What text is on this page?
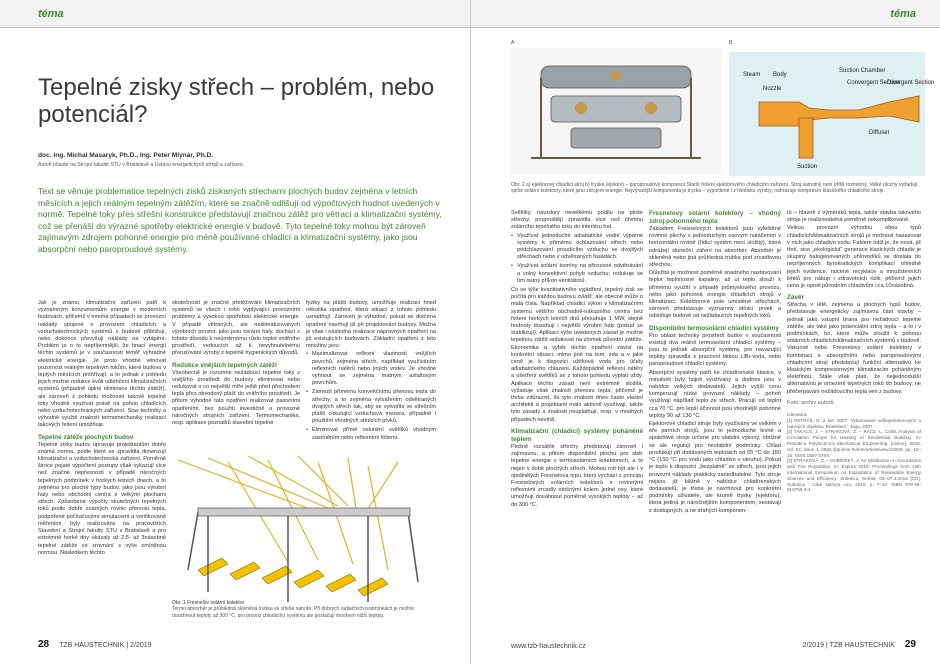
téma
Tepelné zisky střech – problém, nebo potenciál?
doc. Ing. Michal Masaryk, Ph.D., Ing. Peter Mlynár, Ph.D.
Autoři působí na Strojní fakultě STU v Bratislavě a Ústavu energetických strojů a zařízení.
Text se věnuje problematice tepelných zisků získaných střechami plochých budov zejména v letních měsících a jejich reálným tepelným zátěžím, které se značně odlišují od výpočtových hodnot uvedených v normě. Tepelné toky přes střešní konstrukce představují značnou zátěž pro větrací a klimatizační systémy, což se přenáší do výrazné spotřeby elektrické energie v budově. Tyto tepelné toky mohou být zároveň zajímavým zdrojem pohonné energie pro méně používané chladicí a klimatizační systémy, jako jsou absorpční nebo paroproudové systémy.

Jak je známo, klimatizační zařízení patří k významným konzumentům energie v moderních budovách, přičemž v mnoha případech se provozní náklady spojené s provozem chladicích a vzduchotechnických systémů v budově přibližují, nebo dokonce převyšují náklady na vytápění. Problém je o to nepříjemnější, že hnací energií těchto systémů je v současnosti téměř výhradně elektrická energie. Je proto vhodné věnovat pozornost reálným tepelným tokům, které budovu v teplých měsících prohřívají, a to jednak z pohledu jejich možné redukce kvůli odlehčení klimatizačních systémů (případně úplné eliminace těchto zátěží), ale zároveň z pohledu možností takové tepelné toky vhodně využívat právě na pohon chladicích nebo vzduchotechnických zařízení. Stav techniky a výhodné využití znalostí termomechaniky realizací takových řešení umožňuje.

Tepelné zátěže plochých budov

Tepelné zisky budov upravuje projektantům dobře známá norma, podle které se zpravidla dimenzují klimatizační a vzduchotechnická zařízení. Poměrně široce pojaté výpočtení postupy však vykazují více než značné nepřesnosti v případě náročných tepelných podmínek v horkých letních dnech, a to zejména pro ploché typy budov, jako jsou výrobní haly nebo obchodní centra s velkými plochami střech. Způsobené výpočty skutečných tepelných toků podle dobře známých rovnic přenosu tepla, podpořené počítačovými simulacemi a verifikované měřeními, byly realizovány na pracovištích Stavební a Strojní fakulty STU v Bratislavě a pro extrémně horké dny ukázaly až 2,5- až 3násobně tepelné zátěže ve srovnání s výše zmíněnou normou. Následkem těchto

skutečností je značné přetěžování klimatizačních systémů ve všech i toho vyplývající provozními problémy a vysokou spotřebou elektrické energie. V případě větraných, ale neklimatizovaných výrobních prostor, jako jsou tovární haly, dochází z tohoto důvodu k neúměrnému růstu teplot vnitřního prostředí, vedoucích až k nevyhnutelnému přerušování výroby z tepelně hygienických důvodů.

Redukce vnějších tepelných zátěží

Všeobecně je rozumné nežádoucí tepelné toky z vnějšího prostředí do budovy eliminovat nebo redukovat v co největší míře ještě před přechodem tepla přes obvodový plášť do vnitřního prostředí. Je přitom výhodné tato opatření realizovat pasivními opatřeními, bez použití investičně a provozně náročných strojních zařízení. Termomechanika, resp. aplikace poznatků stavební tepelné

fyziky na plášti budovy, umožňuje realizaci hned několika opatření, která situaci z tohoto pohledu usnadňují. Zároveň je výhodné, pokud se dotčená opatření navrhují již při projektování budovy. Možná je však i následná realizace nápravných opatření na již existujících budovách. Základní opatření z této množiny jsou:

• Maximalizovat reflexní vlastnosti vnějších povrchů, zejména střech, například využíváním reflexních nátěrů nebo jiných vrstev. Je vhodné vyhnout se zejména matným asfaltovým povrchům.
• Zamezit přímému konvekčnímu přenosu tepla do střechy, a to zejména vytvářením odvětraných dvojitých střech tak, aby se vytvořila ve střešním plášti cirkulující vzduchová mezera, případně i použitím vhodných stínicích prvků.
• Eliminovat přímé oslunění světlíků vhodným zastíněním nebo reflexními fóliemi.
Obr. 1 Fresnelův solární kolektor
Termo absorbér je průhledná skleněná trubka ve střeše nahoře. Při dobrých radiačních podmínkách je možné dosáhnout teploty až 300 °C, pro provoz chladicího systému ale postačují mnohem nižší teploty.
28 TZB HAUSTECHNIK | 2/2019
téma
A	B
Steam Body
Nozzle
Suction Chamber
Convergent Section
Divergent Section
Diffuser
Suction
Obr. 2 a) ejektorový chladicí stroj b) tryska (ejektor) – paroproudový kompresor Starší řešení ejektorového chladicího zařízení. Stroj samotný není příliš rozměrný. Velké plochy vyžadují spíše solární kolektory, které jsou zdrojem energie. Nejvýrazější komponenta je tryska – vypočtené i z hlediska výroby; nahrazuje kompresor klasického chladicího stroje.

Světlíky, navzdory nevelkému podílu na ploše střechy, propouštějí zpravidla více než čtvrtinu solárního tepelného toku do interiéru hal.

• Využívat jednoduché adiabatické vodní výparné systémy k přímému ochlazování střech nebo podchlazování proudícího vzduchu ve dvojitých střechách nebo v odvětraných fasádách.
• Využívat solární komíny na přirozené odvětrávání a volný konvektivní pohyb vzduchu; redukuje se tím nutný příkon ventilátorů.

Co se týče kvantitativního vyjádření, tepelný zisk se počítá pro každou budovu zvlášť, ale obecně může o malá čísla. Například chladicí výkon v klimatizačním systému většího obchodně-nákupního centra bez řešení horkých letních dnů přesahuje 1 MW, stejně hodnoty dosahují i největší výrobní haly (pokud se stabilizují). Aplikací výše uvedených zásad je možné tepelnou zátěž redukovat na zlomek původní zátěže. Ekonomika a výběr těchto opatření závisí na konkrétní situaci, mimo jiné na tom, zda a v jaké ceně je k dispozici užitková voda pro účely adiabatického chlazení. Každopádně reflexní nátěry a ošetření světlíků se z tohoto pohledu vyplatí vždy. Aplikace těchto zásad není extrémně složitá, vyžaduje však znalosti přenosu tepla, přičemž je třeba zdůraznit, že tyto znalosti dnes často vlastní architekti a projektanti málo aktivně využívají, takže tyto zásady a znalosti neuplatňují, resp. v mnohých případech nevědí.

Klimatizační (chladicí) systémy poháněné teplem

Plošně rozsáhlé střechy představují zároveň i zajímavou, a přitom disponibilní plochu pro sběr tepelné energie v termosolárních kolektorech, a to nejen v době plochých střech. Mohou mít být ale i v ojedinělých Fresnelova typu, který vychází z principu Fresnelových solárních kolektorů s rovinnými reflexními zrcadly otočnými kolem jedné osy, které umožňují dosáhnout poměrně vysokých teploty – až do 300 °C.

Fresnelovy solární kolektory – vhodný zdroj pohonného tepla

Základem Fresnelových kolektorů jsou vyleštěné rovinné plechy s jednoduchým osovým natáčením v horizontální rovině (řídicí systém není složitý), které odrážejí sluneční záření na absorbér. Absorbér je skleněná nebo jiná průhledná trubka pod zrcadlovou střechou.

Důležitá je možnost poměrně snadného nastavování teplot teplonosné kapaliny, až ul teplo slouží k přímému využití v případě průmyslového provozu, nebo jako pohonná energie chladicích strojů v klimatizaci. Kolektorové pole umístěné střechách, zároveň představuje významný stínicí prvek a odstiňuje budově od nežádoucích tepelných toků.

Disponibilní termosolární chladicí systémy

Pro oblast techniky prostředí budov v současnosti existují dva reálně termosolární chladicí systémy – jsou to jednak absorpční systémy, pro navazující teploty zpravidla s pracovní látkou LiBr-voda, nebo paroproudové chladicí systémy.

Absorpční systémy patří ke chladírenské klasice, v minulosti byly hojně využívány a dodnes jsou v nabídce velkých dodavatelů. Jejich vyšší cenu kompenzují nízké provozní náklady – pohoň využívají nápřílad teplo ze střech. Pracují od teplot cca 70 °C, pro lepší účinnost jsou vhodnější pohonné teploty 90 až 130 °C.

Ejektorové chladicí stroje byly využívány ve velkém v éře parních strojů, jsou to jednoduché levné a spolehlivé stroje určené pro stabilní výkony, obtížně se ale regulují pro nestabilní podmínky. Chlad produkují při dodávaných teplotách od 65 °C do 150 °C (150 °C pro vodu jako chladivo v okruhu). Pokud je teplo k dispozici „bezplatně" ze střech, jsou jejich provozní náklady prakticky zanedbatelné. Tyto stroje nejsou již běžně v nabídce chladírenských dodavatelů, je třeba je navrhnout pro konkrétní podmínky uživatele, ale kromě trysky (ejektoru), která jediná je náročnějším komponentem, sestávají z dostupných, a ne drahých komponen-

tů – hlavně z výměníků tepla, takže stavba takového stroje je realizovatelná poměrně nekomplikovaně.

Velkou provozní výhodou obou typů chladicích/klimatizačních strojů je možnost nasazovat v nich jako chladivo vodu. Faktem totiž je, že nová, již třetí, sice „ekologická" generace klasických chladiv je skupiny halogenovaných uhlovodíků se dostala do nepříjemných byrokratických komplikací ohledně jejich evidence, nucené recyklace a množstevních limitů pro nákup i zdravotních rizik, přičemž jejich cena je oproti původním chladivům cca 10násobná.

Závěr

Střecha v létě, zejména u plochých typů budov, představuje energeticky zajímavou část stavby – jednak jako vstupní brána pro nežádoucí tepelné zátěže, ale také jako potenciální zdroj tepla – a to i v podmínkách, ho, které může sloužit k pohonu solárních chladicích/klimatizačních systémů v budově. Vakuové nebo Fresnelovy solární kolektory v kombinaci s absorpčními nebo paroproudovými chladicími stroji představují funkční alternativu ke klasickým kompresorovým klimatizacím poháněným elektřinou. Stále však platí, že nejjednodušší alternativou je omezení tepelných toků do budovy, ne přečerpávání nežádoucího tepla ven z budovy.

Foto: archiv autorů

Literatura:
[1] PETRÁŠ, D. a kol. 2007. Vykurovanie veľkopriestorových a halových objektov. Bratislava : Jaga, 2007.
[2] TAKÁCS, J. – STRAKOVÁ, Z. – RÁCZ, L. Costs Analysis of Circulation Pumps for Heating of Residential Building. In: Periodica Polytechnica Mechanical Engineering. [online]. 2018, vol. 62, issue 1. https://pp.bme.hu/me/article/view/10606, pp. 10–15. ISSN 1587-379X.
[3] STRAKOVÁ, Z. – DUBÍNSKÝ, J. Air Distribution in Accordance with Fire Regulation. In: Expres 2018: Proceedings from 10th International Symposium on Exploitation of Renewable Energy Sources and Efficiency. Subotica, Serbia, 05.-07.4.2018 [CD]. Subotica : Ciksi stampa cou, 2018, p. 7–10. ISBN 978-86-919769-3-4.
www.tzb-haustechnik.cz	2/2019 | TZB HAUSTECHNIK 29
